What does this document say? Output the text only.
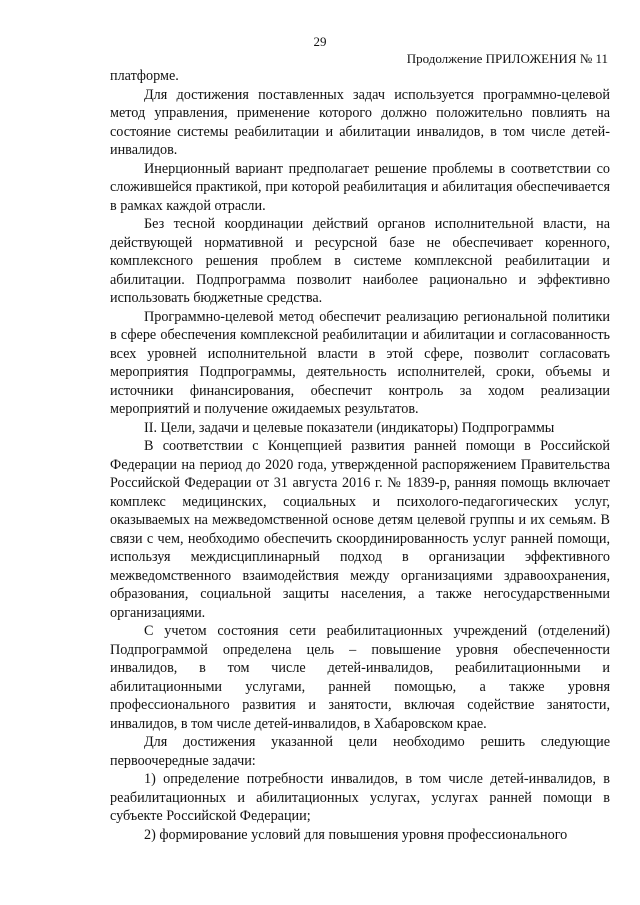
29
Продолжение ПРИЛОЖЕНИЯ № 11

платформе.

Для достижения поставленных задач используется программно-целевой метод управления, применение которого должно положительно повлиять на состояние системы реабилитации и абилитации инвалидов, в том числе детей-инвалидов.

Инерционный вариант предполагает решение проблемы в соответствии со сложившейся практикой, при которой реабилитация и абилитация обеспечивается в рамках каждой отрасли.

Без тесной координации действий органов исполнительной власти, на действующей нормативной и ресурсной базе не обеспечивает коренного, комплексного решения проблем в системе комплексной реабилитации и абилитации. Подпрограмма позволит наиболее рационально и эффективно использовать бюджетные средства.

Программно-целевой метод обеспечит реализацию региональной политики в сфере обеспечения комплексной реабилитации и абилитации и согласованность всех уровней исполнительной власти в этой сфере, позволит согласовать мероприятия Подпрограммы, деятельность исполнителей, сроки, объемы и источники финансирования, обеспечит контроль за ходом реализации мероприятий и получение ожидаемых результатов.

II. Цели, задачи и целевые показатели (индикаторы) Подпрограммы

В соответствии с Концепцией развития ранней помощи в Российской Федерации на период до 2020 года, утвержденной распоряжением Правительства Российской Федерации от 31 августа 2016 г. № 1839-р, ранняя помощь включает комплекс медицинских, социальных и психолого-педагогических услуг, оказываемых на межведомственной основе детям целевой группы и их семьям. В связи с чем, необходимо обеспечить скоординированность услуг ранней помощи, используя междисциплинарный подход в организации эффективного межведомственного взаимодействия между организациями здравоохранения, образования, социальной защиты населения, а также негосударственными организациями.

С учетом состояния сети реабилитационных учреждений (отделений) Подпрограммой определена цель – повышение уровня обеспеченности инвалидов, в том числе детей-инвалидов, реабилитационными и абилитационными услугами, ранней помощью, а также уровня профессионального развития и занятости, включая содействие занятости, инвалидов, в том числе детей-инвалидов, в Хабаровском крае.

Для достижения указанной цели необходимо решить следующие первоочередные задачи:

1) определение потребности инвалидов, в том числе детей-инвалидов, в реабилитационных и абилитационных услугах, услугах ранней помощи в субъекте Российской Федерации;

2) формирование условий для повышения уровня профессионального
